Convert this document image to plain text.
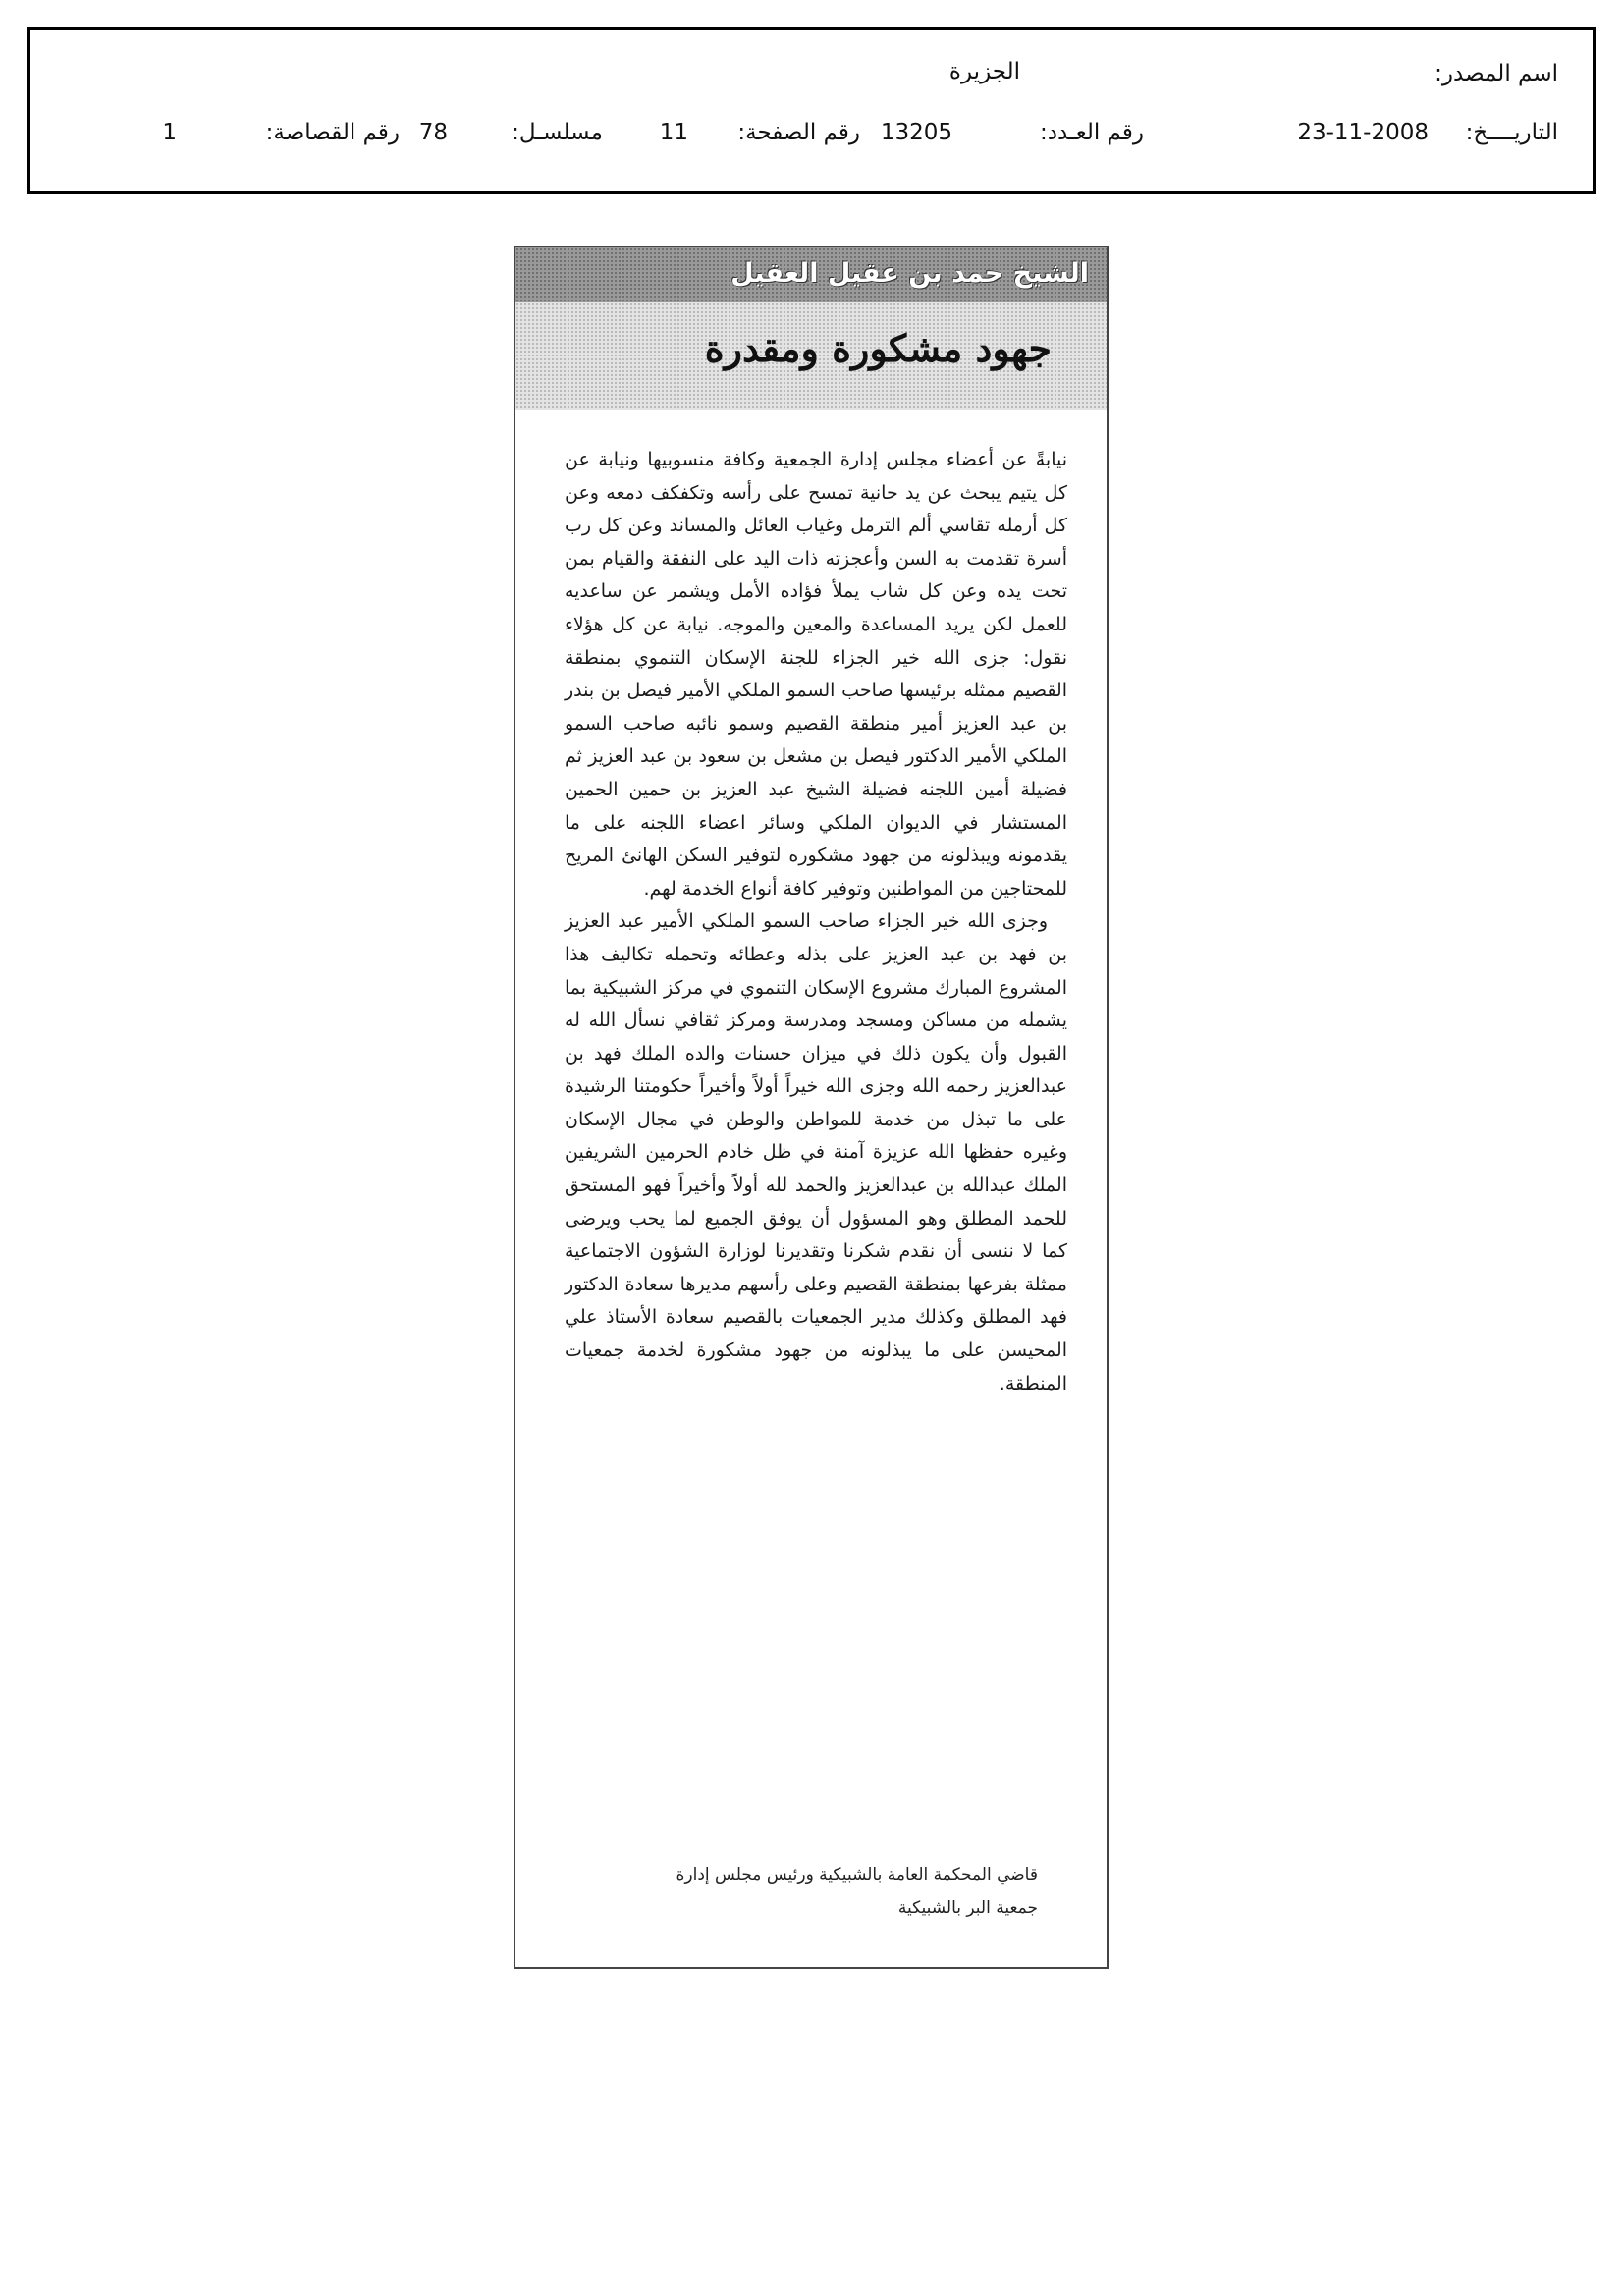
اسم المصدر:
الجزيرة
التاريــــخ:
23-11-2008
رقم العـدد:
13205
رقم الصفحة:
11
مسلسـل:
78
رقم القصاصة:
1
الشيخ حمد بن عقيل العقيل
جهود مشكورة ومقدرة

نيابةً عن أعضاء مجلس إدارة الجمعية وكافة منسوبيها ونيابة عن كل يتيم يبحث عن يد حانية تمسح على رأسه وتكفكف دمعه وعن كل أرمله تقاسي ألم الترمل وغياب العائل والمساند وعن كل رب أسرة تقدمت به السن وأعجزته ذات اليد على النفقة والقيام بمن تحت يده وعن كل شاب يملأ فؤاده الأمل ويشمر عن ساعديه للعمل لكن يريد المساعدة والمعين والموجه. نيابة عن كل هؤلاء نقول: جزى الله خير الجزاء للجنة الإسكان التنموي بمنطقة القصيم ممثله برئيسها صاحب السمو الملكي الأمير فيصل بن بندر بن عبد العزيز أمير منطقة القصيم وسمو نائبه صاحب السمو الملكي الأمير الدكتور فيصل بن مشعل بن سعود بن عبد العزيز ثم فضيلة أمين اللجنه فضيلة الشيخ عبد العزيز بن حمين الحمين المستشار في الديوان الملكي وسائر اعضاء اللجنه على ما يقدمونه ويبذلونه من جهود مشكوره لتوفير السكن الهانئ المريح للمحتاجين من المواطنين وتوفير كافة أنواع الخدمة لهم.

وجزى الله خير الجزاء صاحب السمو الملكي الأمير عبد العزيز بن فهد بن عبد العزيز على بذله وعطائه وتحمله تكاليف هذا المشروع المبارك مشروع الإسكان التنموي في مركز الشبيكية بما يشمله من مساكن ومسجد ومدرسة ومركز ثقافي نسأل الله له القبول وأن يكون ذلك في ميزان حسنات والده الملك فهد بن عبدالعزيز رحمه الله وجزى الله خيراً أولاً وأخيراً حكومتنا الرشيدة على ما تبذل من خدمة للمواطن والوطن في مجال الإسكان وغيره حفظها الله عزيزة آمنة في ظل خادم الحرمين الشريفين الملك عبدالله بن عبدالعزيز والحمد لله أولاً وأخيراً فهو المستحق للحمد المطلق وهو المسؤول أن يوفق الجميع لما يحب ويرضى كما لا ننسى أن نقدم شكرنا وتقديرنا لوزارة الشؤون الاجتماعية ممثلة بفرعها بمنطقة القصيم وعلى رأسهم مديرها سعادة الدكتور فهد المطلق وكذلك مدير الجمعيات بالقصيم سعادة الأستاذ علي المحيسن على ما يبذلونه من جهود مشكورة لخدمة جمعيات المنطقة.

قاضي المحكمة العامة بالشبيكية ورئيس مجلس إدارة
جمعية البر بالشبيكية
